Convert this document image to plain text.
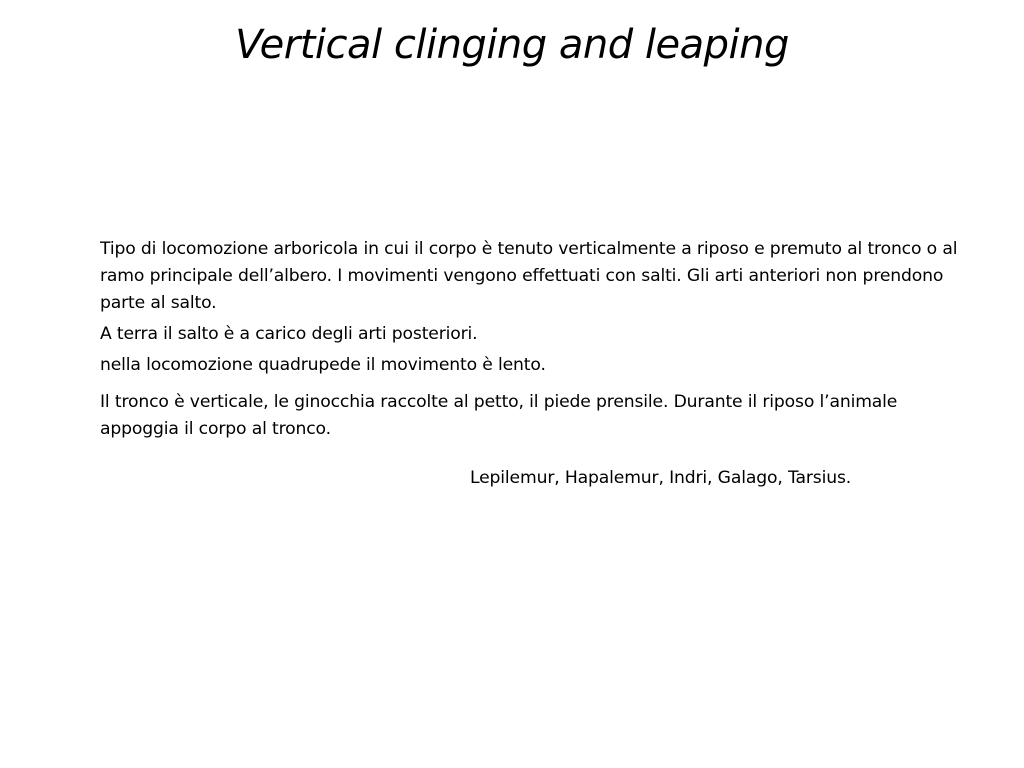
Vertical clinging and leaping

Tipo di locomozione arboricola in cui il corpo è tenuto verticalmente a riposo e premuto al tronco o al ramo principale dell’albero. I movimenti vengono effettuati con salti. Gli arti anteriori non prendono parte al salto.

A terra il salto è a carico degli arti posteriori.

nella locomozione quadrupede il movimento è lento.

Il tronco è verticale, le ginocchia raccolte al petto, il piede prensile. Durante il riposo l’animale appoggia il corpo al tronco.

Lepilemur, Hapalemur, Indri, Galago, Tarsius.
